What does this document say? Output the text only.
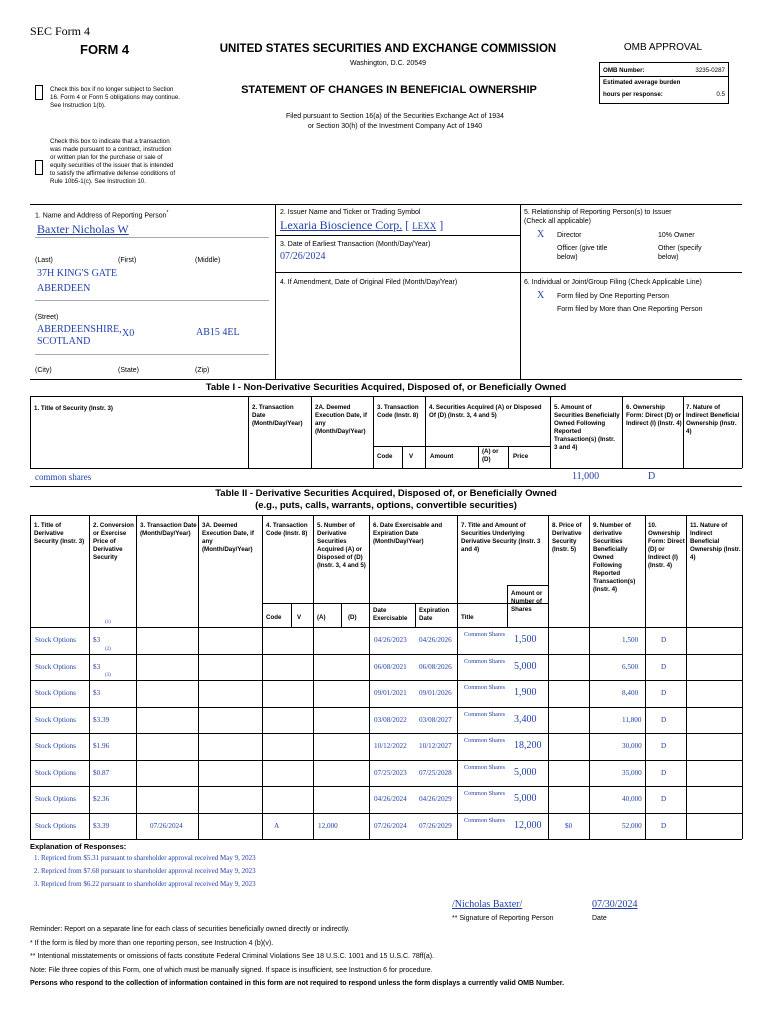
SEC Form 4
FORM 4	UNITED STATES SECURITIES AND EXCHANGE COMMISSION
Washington, D.C. 20549
OMB APPROVAL
OMB Number:	3235-0287
Estimated average burden
hours per response:	0.5
Check this box if no longer subject to Section 16. Form 4 or Form 5 obligations may continue. See Instruction 1(b).
Check this box to indicate that a transaction was made pursuant to a contract, instruction or written plan for the purchase or sale of equity securities of the issuer that is intended to satisfy the affirmative defense conditions of Rule 10b5-1(c). See Instruction 10.
STATEMENT OF CHANGES IN BENEFICIAL OWNERSHIP
Filed pursuant to Section 16(a) of the Securities Exchange Act of 1934
or Section 30(h) of the Investment Company Act of 1940
1. Name and Address of Reporting Person*
Baxter Nicholas W
(Last)	(First)	(Middle)
37H KING'S GATE
ABERDEEN
(Street)
ABERDEENSHIRE,
SCOTLAND
X0	AB15 4EL
(City)	(State)	(Zip)
2. Issuer Name and Ticker or Trading Symbol
Lexaria Bioscience Corp. [ LEXX ]
3. Date of Earliest Transaction (Month/Day/Year)
07/26/2024
4. If Amendment, Date of Original Filed (Month/Day/Year)
5. Relationship of Reporting Person(s) to Issuer
(Check all applicable)
X Director	10% Owner
Officer (give title
below)
Other (specify
below)
6. Individual or Joint/Group Filing (Check Applicable Line)
X Form filed by One Reporting Person
Form filed by More than One Reporting Person
Table I - Non-Derivative Securities Acquired, Disposed of, or Beneficially Owned
1. Title of Security (Instr. 3)	2. Transaction Date (Month/Day/Year)
2A. Deemed Execution Date, if any (Month/Day/Year)
3. Transaction Code (Instr. 8)
4. Securities Acquired (A) or Disposed Of (D) (Instr. 3, 4 and 5)
5. Amount of Securities Beneficially Owned Following Reported Transaction(s) (Instr. 3 and 4)
6. Ownership Form: Direct (D) or Indirect (I) (Instr. 4)
7. Nature of Indirect Beneficial Ownership (Instr. 4)
Code	V	Amount
(A) or (D)	Price
common shares	11,000	D
Table II - Derivative Securities Acquired, Disposed of, or Beneficially Owned
(e.g., puts, calls, warrants, options, convertible securities)
1. Title of Derivative Security (Instr. 3)
2. Conversion or Exercise Price of Derivative Security
3. Transaction Date (Month/Day/Year)
3A. Deemed Execution Date, if any (Month/Day/Year)
4. Transaction Code (Instr. 8)
5. Number of Derivative Securities Acquired (A) or Disposed of (D) (Instr. 3, 4 and 5)
6. Date Exercisable and Expiration Date (Month/Day/Year)
7. Title and Amount of Securities Underlying Derivative Security (Instr. 3 and 4)
8. Price of Derivative Security (Instr. 5)
9. Number of derivative Securities Beneficially Owned Following Reported Transaction(s) (Instr. 4)
10. Ownership Form: Direct (D) or Indirect (I) (Instr. 4)
11. Nature of Indirect Beneficial Ownership (Instr. 4)
Code	V	(A)	(D)
Date Exercisable
Expiration Date	Title
Amount or Number of Shares
Stock Options $3
(1)
04/26/2023 04/26/2026	1,500	1,500	D
Common Shares
Stock Options $3
(2)
06/08/2021 06/08/2026	5,000	6,500	D
Common Shares
Stock Options $3
(3)
09/01/2021 09/01/2026	1,900	8,400	D
Common Shares
Stock Options $3.39	03/08/2022 03/08/2027	3,400	11,800	D
Common Shares
Stock Options $1.96	10/12/2022 10/12/2027	18,200	30,000	D
Common Shares
Stock Options $0.87	07/25/2023 07/25/2028	5,000	35,000	D
Common Shares
Stock Options $2.36	04/26/2024 04/26/2029	5,000	40,000	D
Common Shares
Stock Options $3.39	07/26/2024	A	12,000	07/26/2024 07/26/2029	12,000	$0	52,000	D
Common Shares
Explanation of Responses:
1. Repriced from $5.31 pursuant to shareholder approval received May 9, 2023
2. Repriced from $7.68 pursuant to shareholder approval received May 9, 2023
3. Repriced from $6.22 pursuant to shareholder approval received May 9, 2023
/Nicholas Baxter/	07/30/2024
** Signature of Reporting Person	Date
Reminder: Report on a separate line for each class of securities beneficially owned directly or indirectly.
* If the form is filed by more than one reporting person, see Instruction 4 (b)(v).
** Intentional misstatements or omissions of facts constitute Federal Criminal Violations See 18 U.S.C. 1001 and 15 U.S.C. 78ff(a).
Note: File three copies of this Form, one of which must be manually signed. If space is insufficient, see Instruction 6 for procedure.
Persons who respond to the collection of information contained in this form are not required to respond unless the form displays a currently valid OMB Number.
